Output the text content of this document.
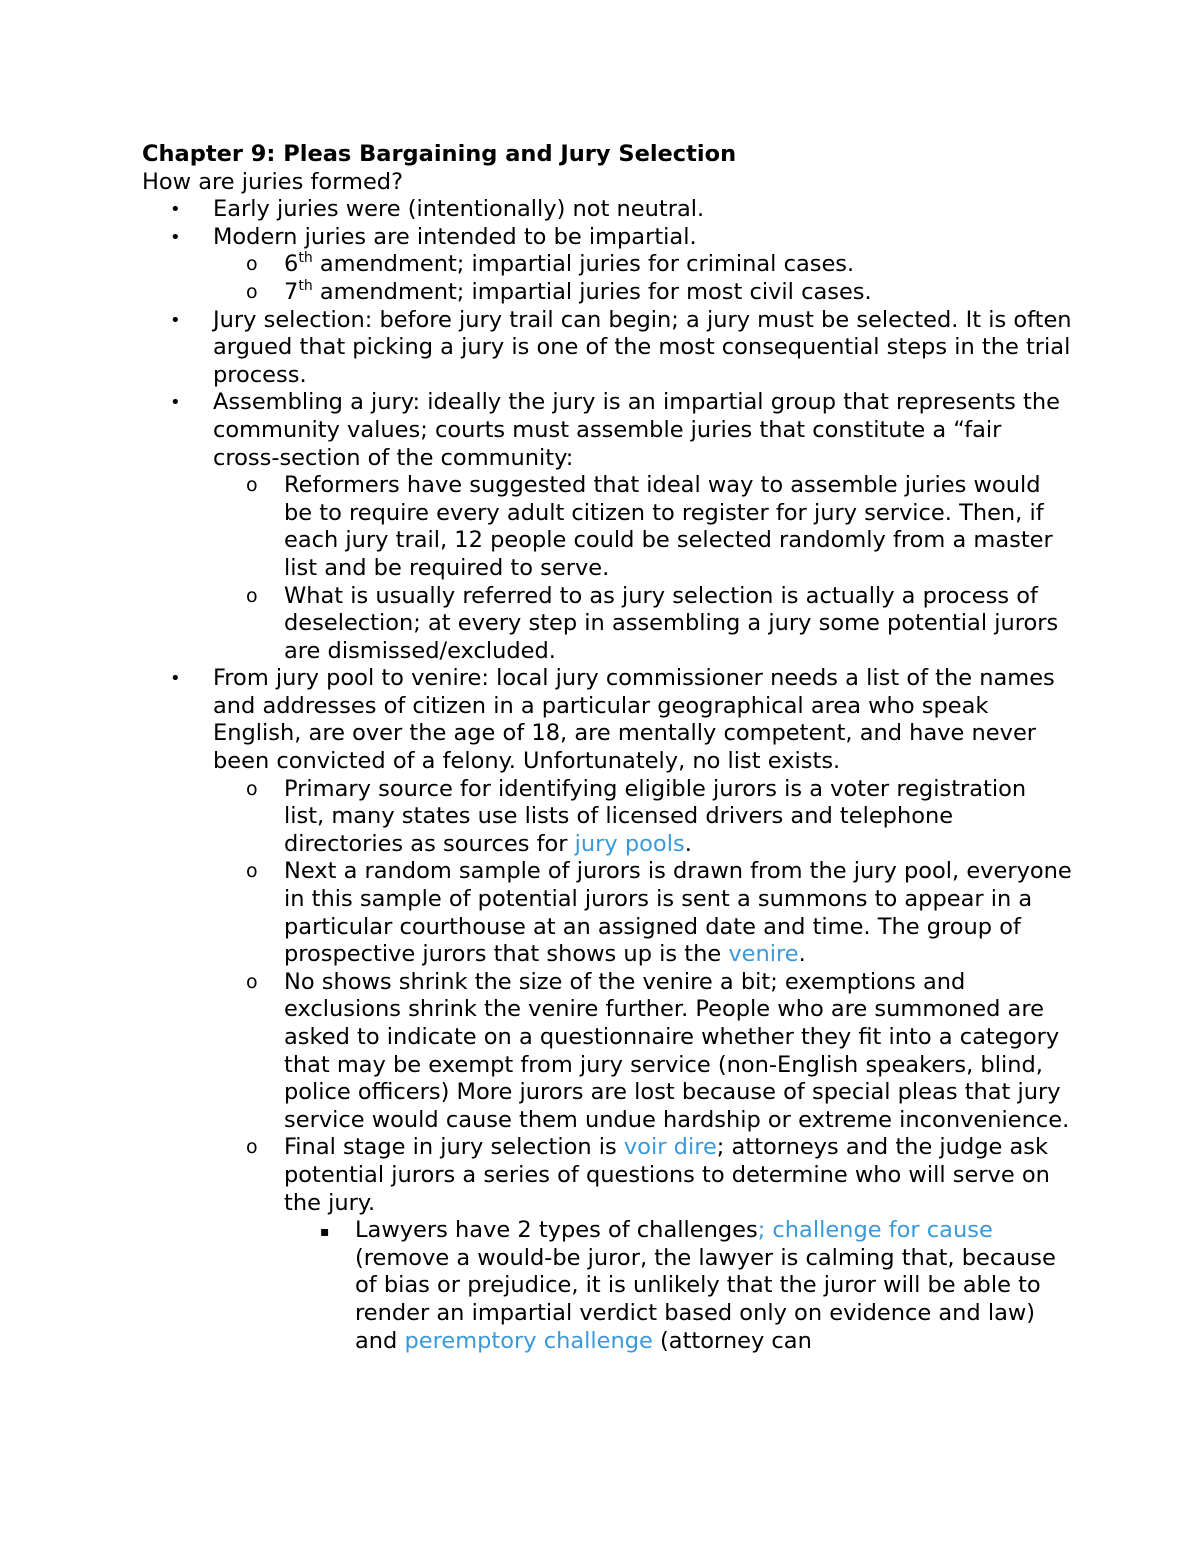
Chapter 9: Pleas Bargaining and Jury Selection

How are juries formed?

• Early juries were (intentionally) not neutral.
• Modern juries are intended to be impartial.
o 6th amendment; impartial juries for criminal cases.
o 7th amendment; impartial juries for most civil cases.
• Jury selection: before jury trail can begin; a jury must be selected. It is often argued that picking a jury is one of the most consequential steps in the trial process.
• Assembling a jury: ideally the jury is an impartial group that represents the community values; courts must assemble juries that constitute a “fair cross-section of the community:
o Reformers have suggested that ideal way to assemble juries would be to require every adult citizen to register for jury service. Then, if each jury trail, 12 people could be selected randomly from a master list and be required to serve.
o What is usually referred to as jury selection is actually a process of deselection; at every step in assembling a jury some potential jurors are dismissed/excluded.
• From jury pool to venire: local jury commissioner needs a list of the names and addresses of citizen in a particular geographical area who speak English, are over the age of 18, are mentally competent, and have never been convicted of a felony. Unfortunately, no list exists.
o Primary source for identifying eligible jurors is a voter registration list, many states use lists of licensed drivers and telephone directories as sources for jury pools.
o Next a random sample of jurors is drawn from the jury pool, everyone in this sample of potential jurors is sent a summons to appear in a particular courthouse at an assigned date and time. The group of prospective jurors that shows up is the venire.
o No shows shrink the size of the venire a bit; exemptions and exclusions shrink the venire further. People who are summoned are asked to indicate on a questionnaire whether they fit into a category that may be exempt from jury service (non-English speakers, blind, police officers) More jurors are lost because of special pleas that jury service would cause them undue hardship or extreme inconvenience.
o Final stage in jury selection is voir dire; attorneys and the judge ask potential jurors a series of questions to determine who will serve on the jury.
▪ Lawyers have 2 types of challenges; challenge for cause (remove a would-be juror, the lawyer is calming that, because of bias or prejudice, it is unlikely that the juror will be able to render an impartial verdict based only on evidence and law) and peremptory challenge (attorney can
